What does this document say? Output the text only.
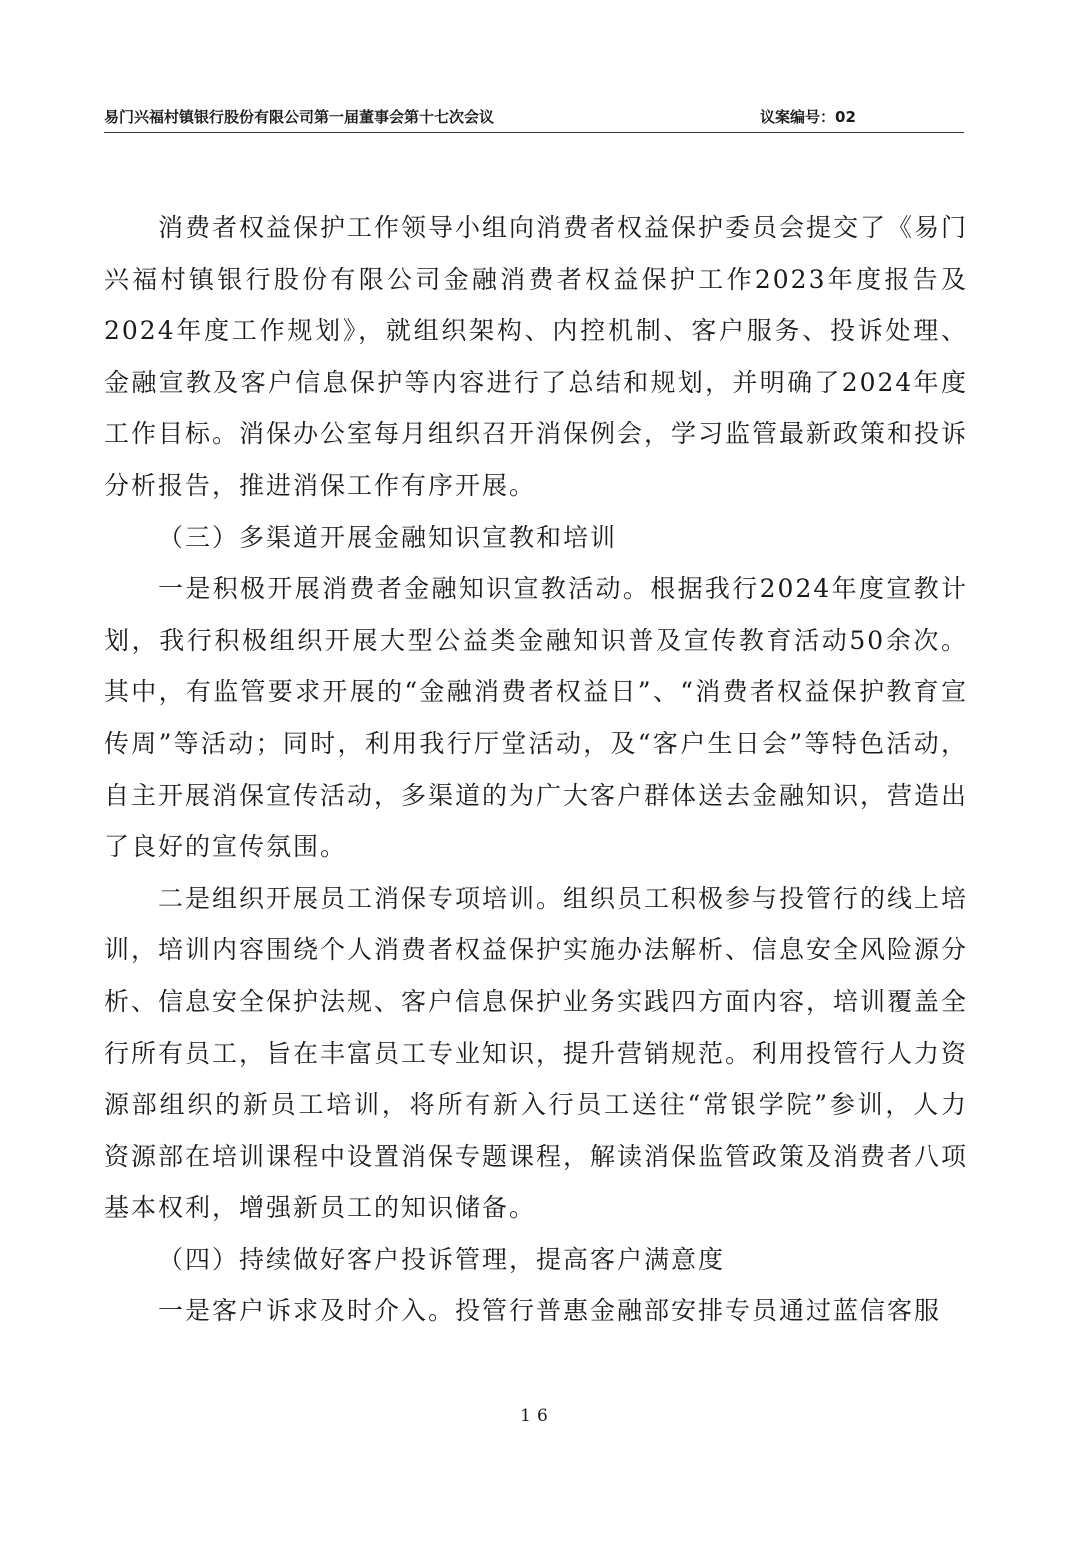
易门兴福村镇银行股份有限公司第一届董事会第十七次会议	议案编号：02

消费者权益保护工作领导小组向消费者权益保护委员会提交了《易门兴福村镇银行股份有限公司金融消费者权益保护工作2023年度报告及2024年度工作规划》，就组织架构、内控机制、客户服务、投诉处理、金融宣教及客户信息保护等内容进行了总结和规划，并明确了2024年度工作目标。消保办公室每月组织召开消保例会，学习监管最新政策和投诉分析报告，推进消保工作有序开展。

（三）多渠道开展金融知识宣教和培训

一是积极开展消费者金融知识宣教活动。根据我行2024年度宣教计划，我行积极组织开展大型公益类金融知识普及宣传教育活动50余次。其中，有监管要求开展的“金融消费者权益日”、“消费者权益保护教育宣传周”等活动；同时，利用我行厅堂活动，及“客户生日会”等特色活动，自主开展消保宣传活动，多渠道的为广大客户群体送去金融知识，营造出了良好的宣传氛围。

二是组织开展员工消保专项培训。组织员工积极参与投管行的线上培训，培训内容围绕个人消费者权益保护实施办法解析、信息安全风险源分析、信息安全保护法规、客户信息保护业务实践四方面内容，培训覆盖全行所有员工，旨在丰富员工专业知识，提升营销规范。利用投管行人力资源部组织的新员工培训，将所有新入行员工送往“常银学院”参训，人力资源部在培训课程中设置消保专题课程，解读消保监管政策及消费者八项基本权利，增强新员工的知识储备。

（四）持续做好客户投诉管理，提高客户满意度

一是客户诉求及时介入。投管行普惠金融部安排专员通过蓝信客服

16
